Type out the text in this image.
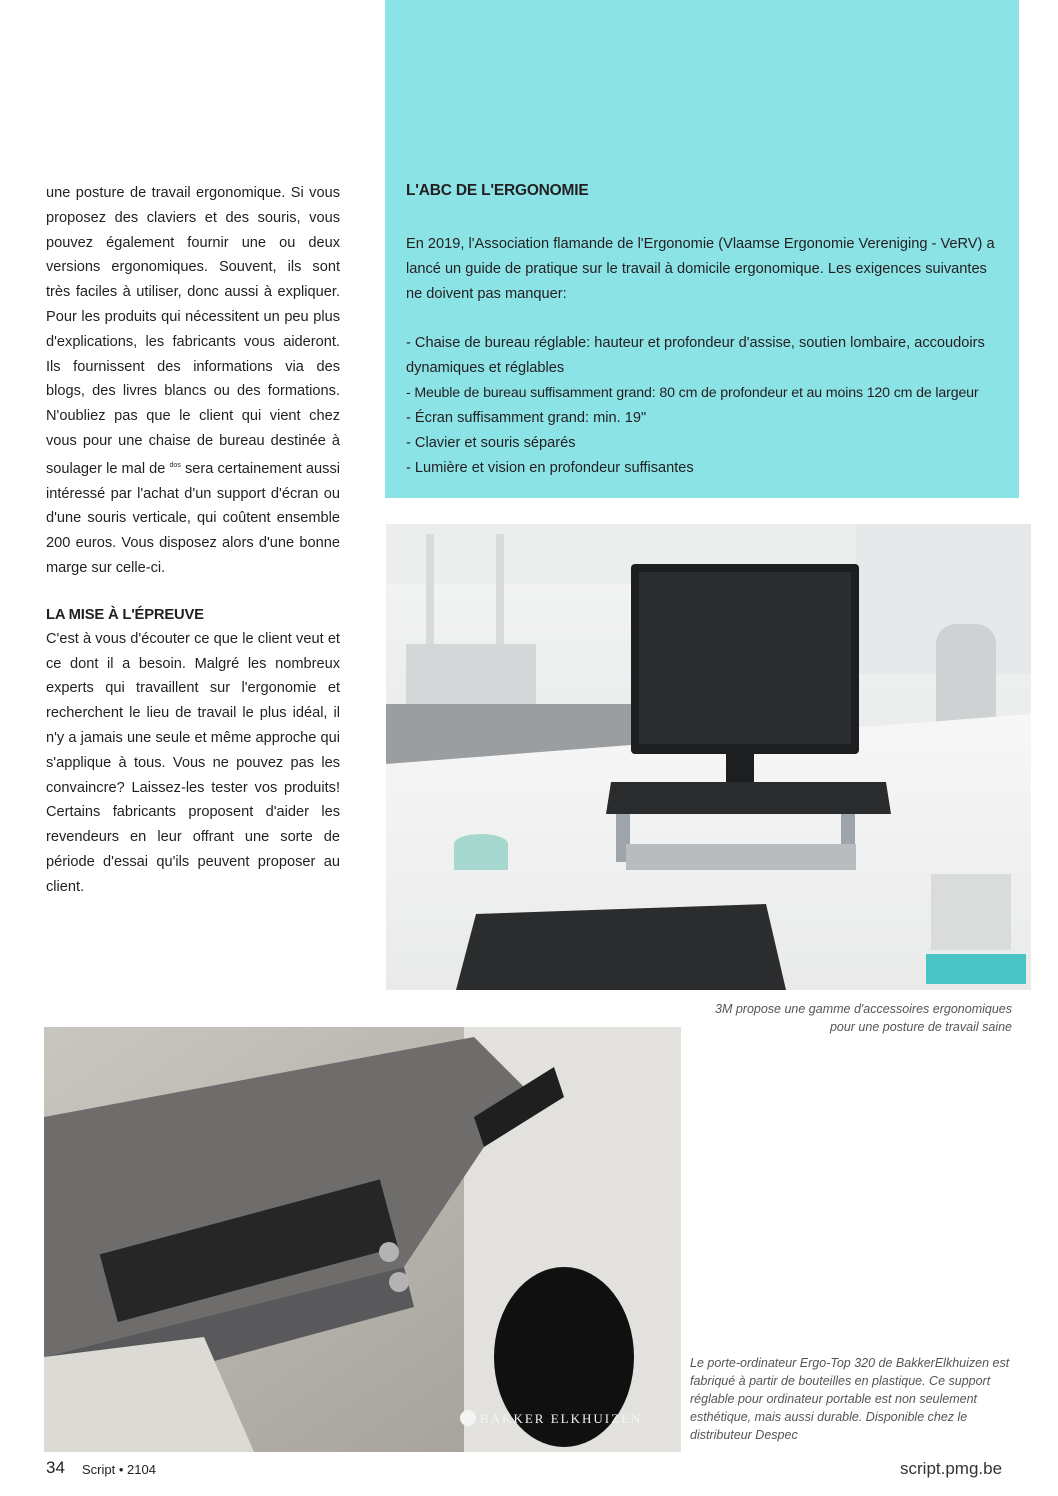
L'ABC DE L'ERGONOMIE
En 2019, l'Association flamande de l'Ergonomie (Vlaamse Ergonomie Vereniging - VeRV) a lancé un guide de pratique sur le travail à domicile ergonomique. Les exigences suivantes ne doivent pas manquer:
- Chaise de bureau réglable: hauteur et profondeur d'assise, soutien lombaire, accoudoirs dynamiques et réglables
- Meuble de bureau suffisamment grand: 80 cm de profondeur et au moins 120 cm de largeur
- Écran suffisamment grand: min. 19"
- Clavier et souris séparés
- Lumière et vision en profondeur suffisantes

une posture de travail ergonomique. Si vous proposez des claviers et des souris, vous pouvez également fournir une ou deux versions ergonomiques. Souvent, ils sont très faciles à utiliser, donc aussi à expliquer. Pour les produits qui nécessitent un peu plus d'explications, les fabricants vous aideront. Ils fournissent des informations via des blogs, des livres blancs ou des formations. N'oubliez pas que le client qui vient chez vous pour une chaise de bureau destinée à soulager le mal de $^{dos}$ sera certainement aussi intéressé par l'achat d'un support d'écran ou d'une souris verticale, qui coûtent ensemble 200 euros. Vous disposez alors d'une bonne marge sur celle-ci.

LA MISE À L'ÉPREUVE

C'est à vous d'écouter ce que le client veut et ce dont il a besoin. Malgré les nombreux experts qui travaillent sur l'ergonomie et recherchent le lieu de travail le plus idéal, il n'y a jamais une seule et même approche qui s'applique à tous. Vous ne pouvez pas les convaincre? Laissez-les tester vos produits! Certains fabricants proposent d'aider les revendeurs en leur offrant une sorte de période d'essai qu'ils peuvent proposer au client.

3M propose une gamme d'accessoires ergonomiques pour une posture de travail saine
BAKKER ELKHUIZEN
Le porte-ordinateur Ergo-Top 320 de BakkerElkhuizen est fabriqué à partir de bouteilles en plastique. Ce support réglable pour ordinateur portable est non seulement esthétique, mais aussi durable. Disponible chez le distributeur Despec
34 Script • 2104	script.pmg.be
